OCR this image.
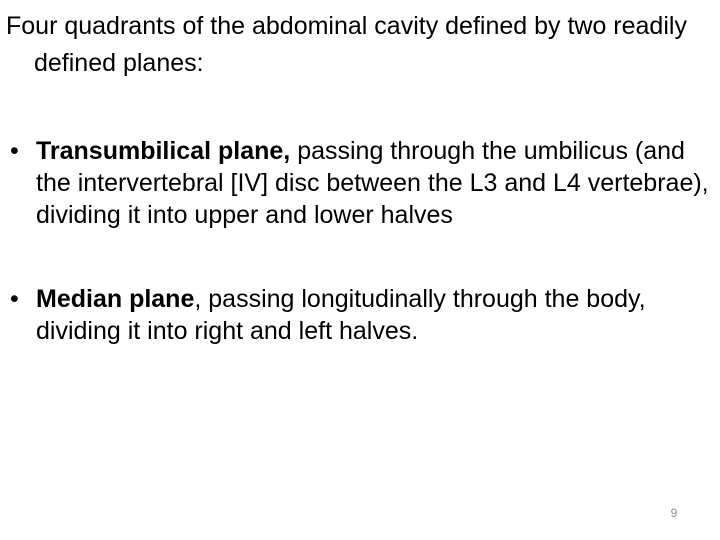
Four quadrants of the abdominal cavity defined by two readily defined planes:

• Transumbilical plane, passing through the umbilicus (and the intervertebral [IV] disc between the L3 and L4 vertebrae), dividing it into upper and lower halves
• Median plane, passing longitudinally through the body, dividing it into right and left halves.
9
